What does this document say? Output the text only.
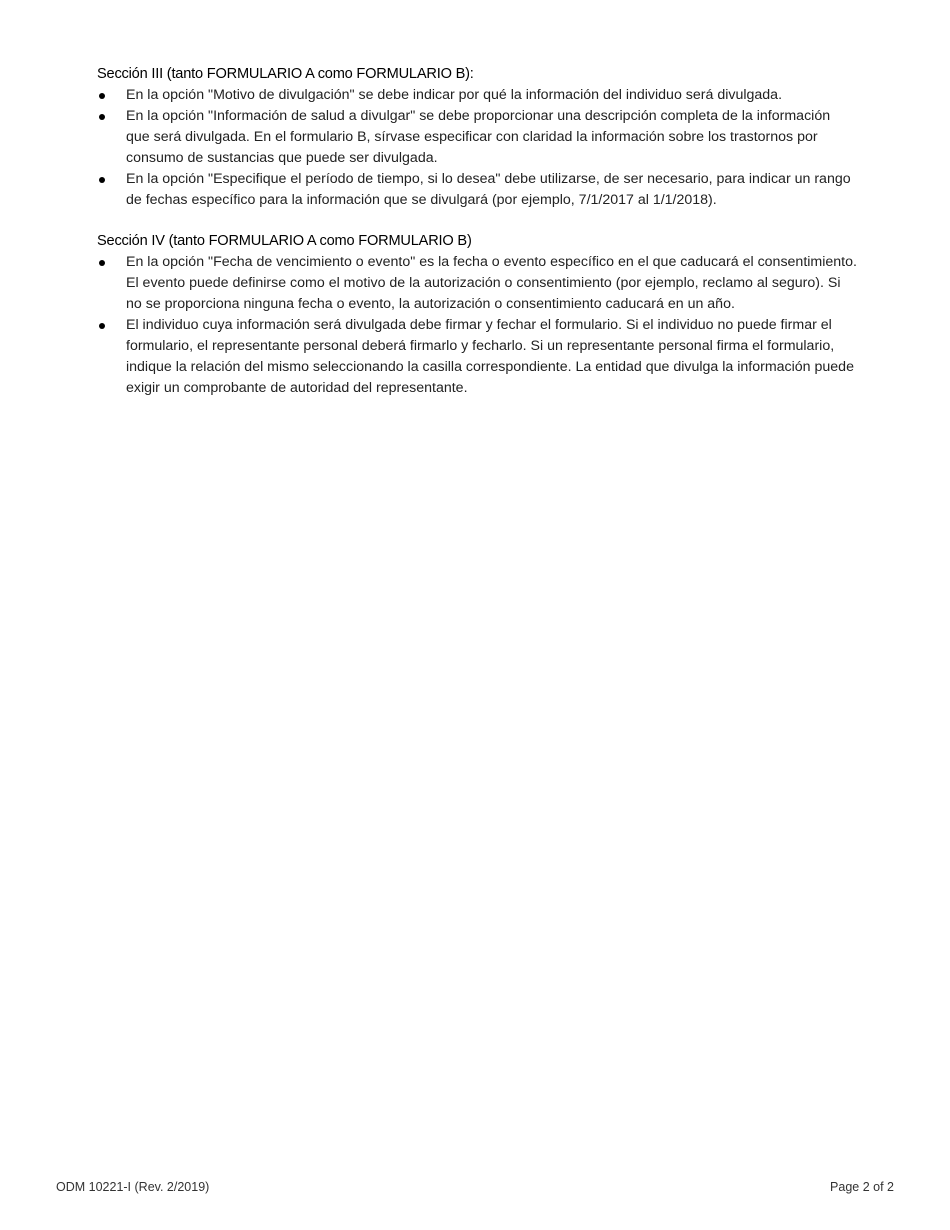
Sección III (tanto FORMULARIO A como FORMULARIO B):
En la opción "Motivo de divulgación" se debe indicar por qué la información del individuo será divulgada.
En la opción "Información de salud a divulgar" se debe proporcionar una descripción completa de la información que será divulgada. En el formulario B, sírvase especificar con claridad la información sobre los trastornos por consumo de sustancias que puede ser divulgada.
En la opción "Especifique el período de tiempo, si lo desea" debe utilizarse, de ser necesario, para indicar un rango de fechas específico para la información que se divulgará (por ejemplo, 7/1/2017 al 1/1/2018).
Sección IV (tanto FORMULARIO A como FORMULARIO B)
En la opción "Fecha de vencimiento o evento" es la fecha o evento específico en el que caducará el consentimiento. El evento puede definirse como el motivo de la autorización o consentimiento (por ejemplo, reclamo al seguro). Si no se proporciona ninguna fecha o evento, la autorización o consentimiento caducará en un año.
El individuo cuya información será divulgada debe firmar y fechar el formulario. Si el individuo no puede firmar el formulario, el representante personal deberá firmarlo y fecharlo. Si un representante personal firma el formulario, indique la relación del mismo seleccionando la casilla correspondiente. La entidad que divulga la información puede exigir un comprobante de autoridad del representante.
ODM 10221-I (Rev. 2/2019)	Page 2 of 2
